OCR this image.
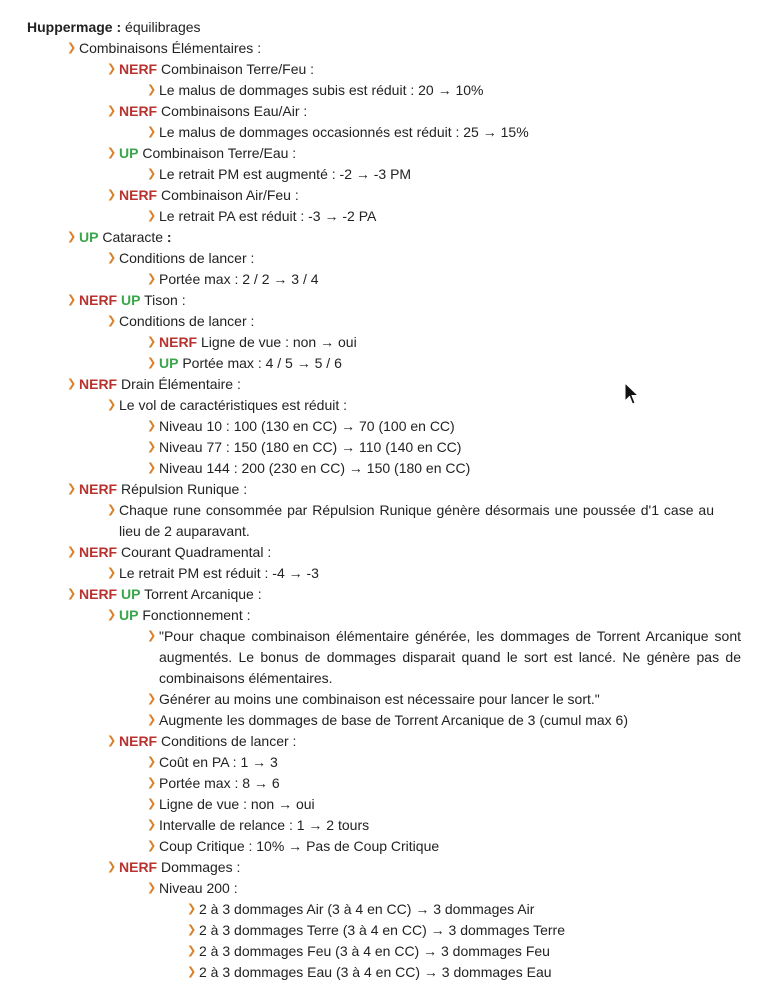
Huppermage : équilibrages
❯ Combinaisons Élémentaires :
❯ NERF Combinaison Terre/Feu :
❯ Le malus de dommages subis est réduit : 20 → 10%
❯ NERF Combinaisons Eau/Air :
❯ Le malus de dommages occasionnés est réduit : 25 → 15%
❯ UP Combinaison Terre/Eau :
❯ Le retrait PM est augmenté : -2 → -3 PM
❯ NERF Combinaison Air/Feu :
❯ Le retrait PA est réduit : -3 → -2 PA
❯ UP Cataracte :
❯ Conditions de lancer :
❯ Portée max : 2 / 2 → 3 / 4
❯ NERF UP Tison :
❯ Conditions de lancer :
❯ NERF Ligne de vue : non → oui
❯ UP Portée max : 4 / 5 → 5 / 6
❯ NERF Drain Élémentaire :
❯ Le vol de caractéristiques est réduit :
❯ Niveau 10 : 100 (130 en CC) → 70 (100 en CC)
❯ Niveau 77 : 150 (180 en CC) → 110 (140 en CC)
❯ Niveau 144 : 200 (230 en CC) → 150 (180 en CC)
❯ NERF Répulsion Runique :
❯ Chaque rune consommée par Répulsion Runique génère désormais une poussée d'1 case au lieu de 2 auparavant.
❯ NERF Courant Quadramental :
❯ Le retrait PM est réduit : -4 → -3
❯ NERF UP Torrent Arcanique :
❯ UP Fonctionnement :
❯ "Pour chaque combinaison élémentaire générée, les dommages de Torrent Arcanique sont augmentés. Le bonus de dommages disparait quand le sort est lancé. Ne génère pas de combinaisons élémentaires.
❯ Générer au moins une combinaison est nécessaire pour lancer le sort."
❯ Augmente les dommages de base de Torrent Arcanique de 3 (cumul max 6)
❯ NERF Conditions de lancer :
❯ Coût en PA : 1 → 3
❯ Portée max : 8 → 6
❯ Ligne de vue : non → oui
❯ Intervalle de relance : 1 → 2 tours
❯ Coup Critique : 10% → Pas de Coup Critique
❯ NERF Dommages :
❯ Niveau 200 :
❯ 2 à 3 dommages Air (3 à 4 en CC) → 3 dommages Air
❯ 2 à 3 dommages Terre (3 à 4 en CC) → 3 dommages Terre
❯ 2 à 3 dommages Feu (3 à 4 en CC) → 3 dommages Feu
❯ 2 à 3 dommages Eau (3 à 4 en CC) → 3 dommages Eau
